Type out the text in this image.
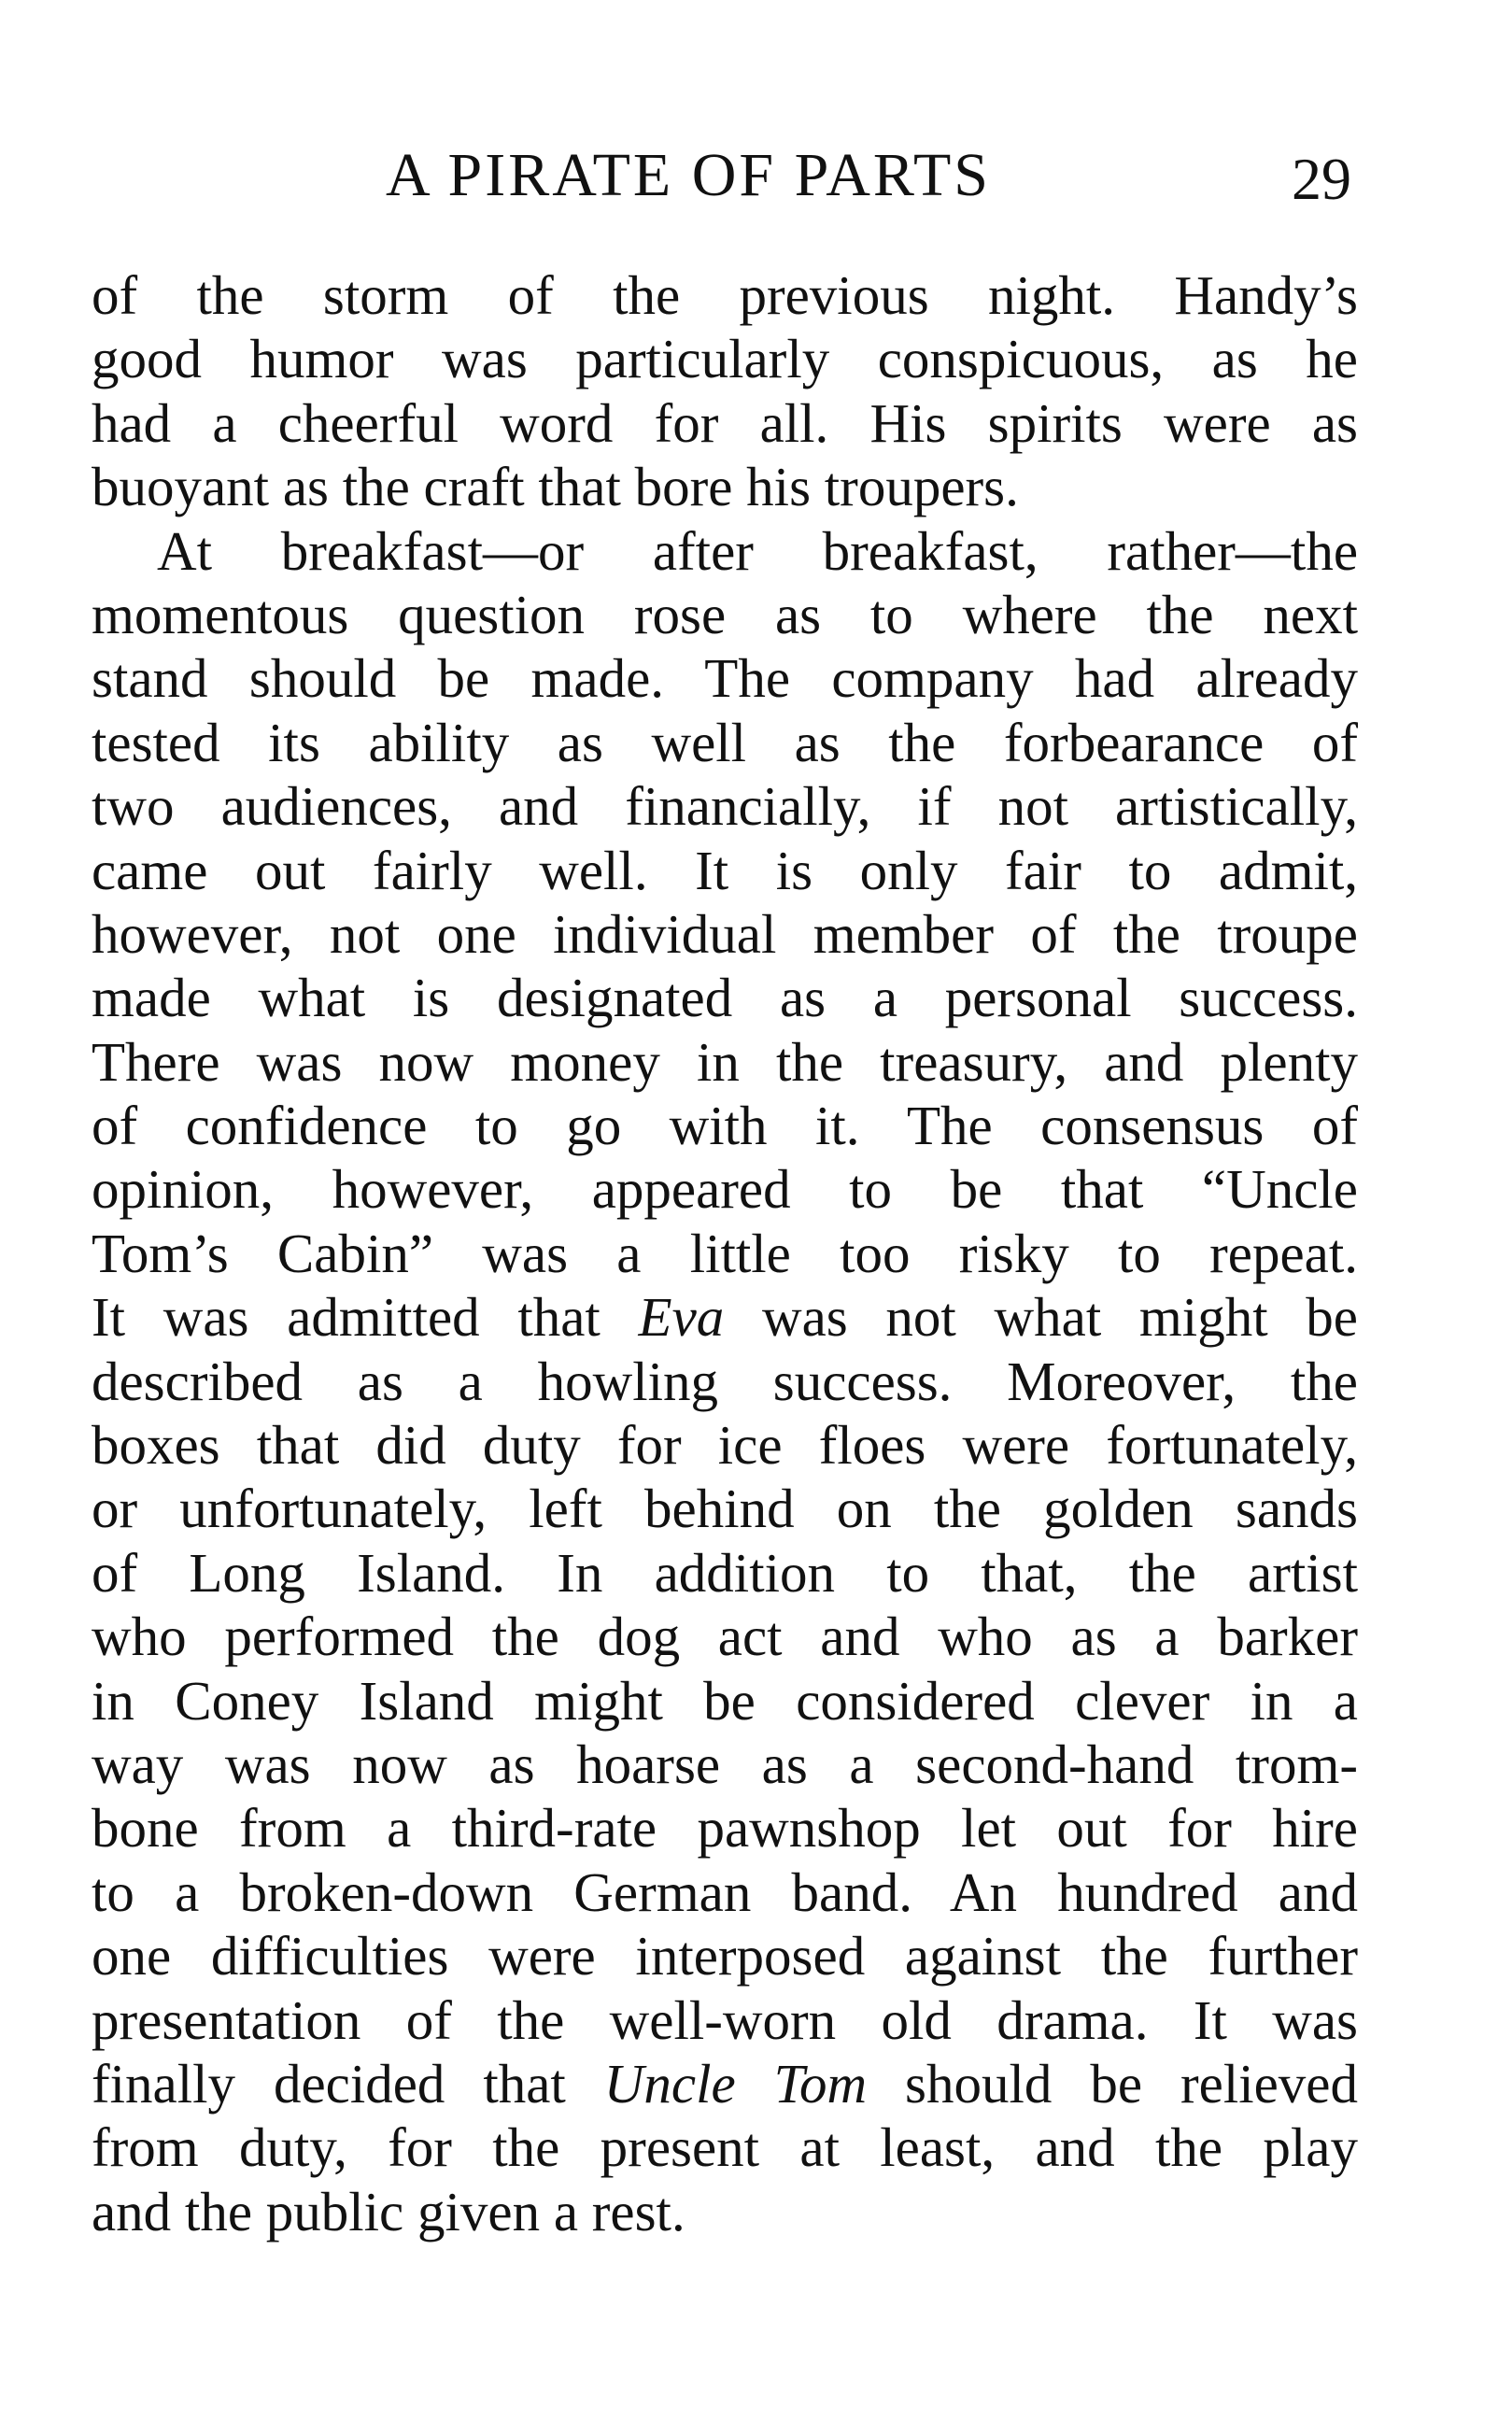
A PIRATE OF PARTS	29
of the storm of the previous night. Handy’s
good humor was particularly conspicuous, as he
had a cheerful word for all. His spirits were as
buoyant as the craft that bore his troupers.
At breakfast—or after breakfast, rather—the
momentous question rose as to where the next
stand should be made. The company had already
tested its ability as well as the forbearance of
two audiences, and financially, if not artistically,
came out fairly well. It is only fair to admit,
however, not one individual member of the troupe
made what is designated as a personal success.
There was now money in the treasury, and plenty
of confidence to go with it. The consensus of
opinion, however, appeared to be that “Uncle
Tom’s Cabin” was a little too risky to repeat.
It was admitted that Eva was not what might be
described as a howling success. Moreover, the
boxes that did duty for ice floes were fortunately,
or unfortunately, left behind on the golden sands
of Long Island. In addition to that, the artist
who performed the dog act and who as a barker
in Coney Island might be considered clever in a
way was now as hoarse as a second-hand trom-
bone from a third-rate pawnshop let out for hire
to a broken-down German band. An hundred and
one difficulties were interposed against the further
presentation of the well-worn old drama. It was
finally decided that Uncle Tom should be relieved
from duty, for the present at least, and the play
and the public given a rest.
